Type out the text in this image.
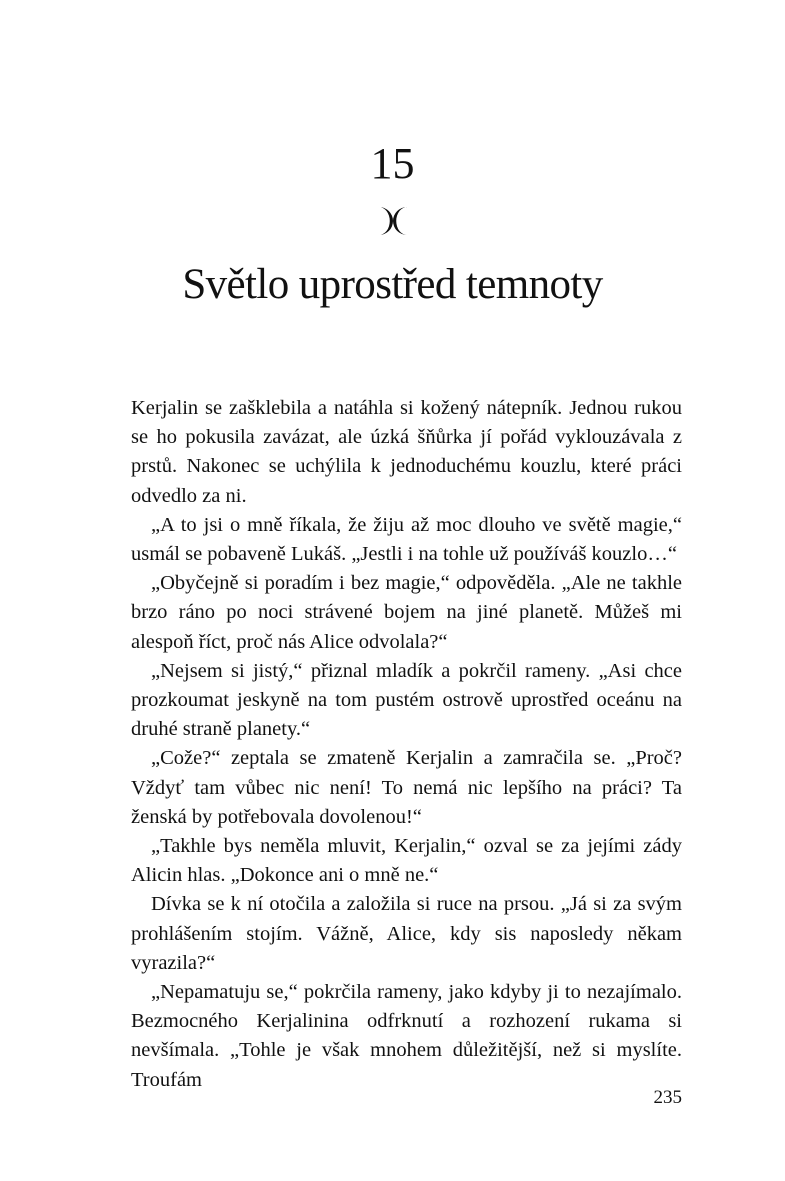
15
Světlo uprostřed temnoty

Kerjalin se zašklebila a natáhla si kožený nátepník. Jednou rukou se ho pokusila zavázat, ale úzká šňůrka jí pořád vyklouzávala z prstů. Nakonec se uchýlila k jednoduchému kouzlu, které práci odvedlo za ni.

„A to jsi o mně říkala, že žiju až moc dlouho ve světě magie,“ usmál se pobaveně Lukáš. „Jestli i na tohle už používáš kouzlo…“

„Obyčejně si poradím i bez magie,“ odpověděla. „Ale ne takhle brzo ráno po noci strávené bojem na jiné planetě. Můžeš mi alespoň říct, proč nás Alice odvolala?“

„Nejsem si jistý,“ přiznal mladík a pokrčil rameny. „Asi chce prozkoumat jeskyně na tom pustém ostrově uprostřed oceánu na druhé straně planety.“

„Cože?“ zeptala se zmateně Kerjalin a zamračila se. „Proč? Vždyť tam vůbec nic není! To nemá nic lepšího na práci? Ta ženská by potřebovala dovolenou!“

„Takhle bys neměla mluvit, Kerjalin,“ ozval se za jejími zády Alicin hlas. „Dokonce ani o mně ne.“

Dívka se k ní otočila a založila si ruce na prsou. „Já si za svým prohlášením stojím. Vážně, Alice, kdy sis naposledy někam vyrazila?“

„Nepamatuju se,“ pokrčila rameny, jako kdyby ji to nezajímalo. Bezmocného Kerjalinina odfrknutí a rozhození rukama si nevšímala. „Tohle je však mnohem důležitější, než si myslíte. Troufám

235
